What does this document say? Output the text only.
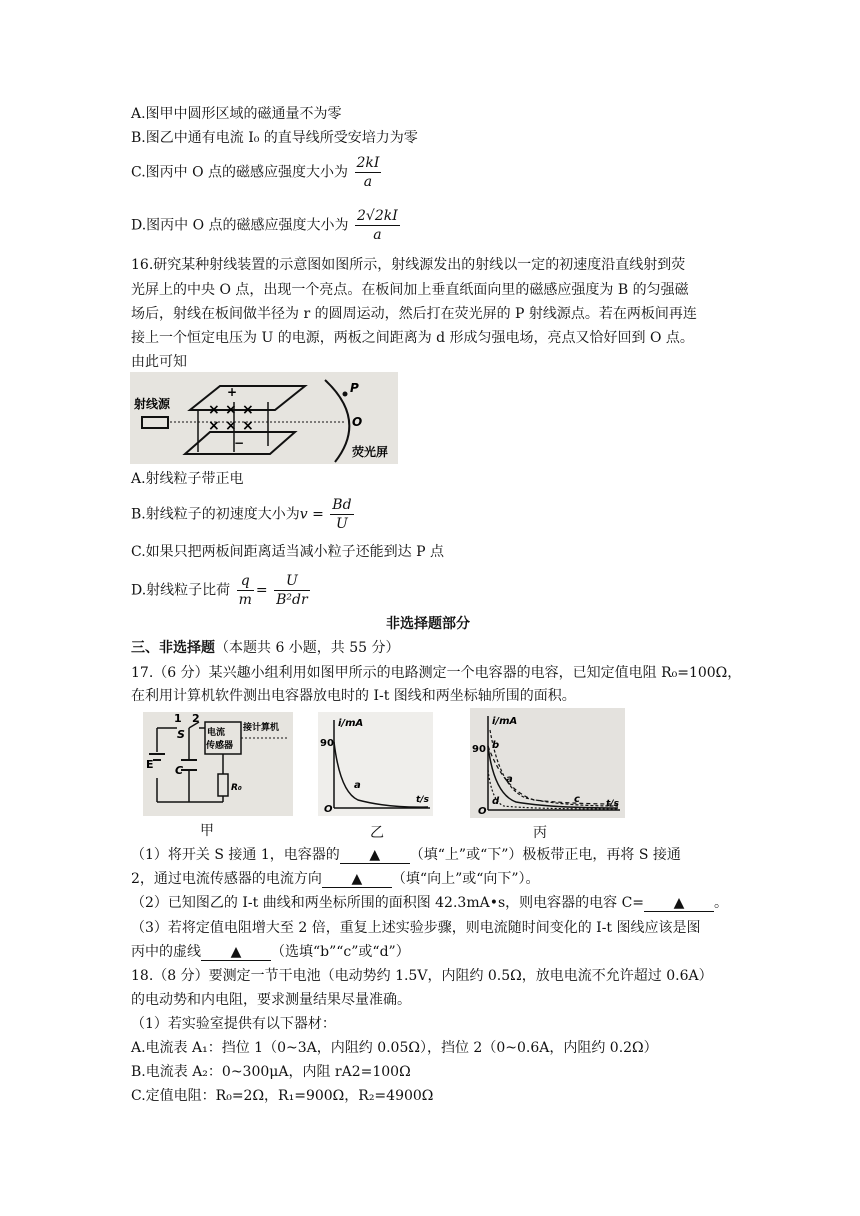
A.图甲中圆形区域的磁通量不为零
B.图乙中通有电流 I₀ 的直导线所受安培力为零
C.图丙中 O 点的磁感应强度大小为 $\frac{2kI}{a}$
D.图丙中 O 点的磁感应强度大小为 $\frac{2√2kI}{a}$
16.研究某种射线装置的示意图如图所示，射线源发出的射线以一定的初速度沿直线射到荧
光屏上的中央 O 点，出现一个亮点。在板间加上垂直纸面向里的磁感应强度为 B 的匀强磁
场后，射线在板间做半径为 r 的圆周运动，然后打在荧光屏的 P 射线源点。若在两板间再连
接上一个恒定电压为 U 的电源，两板之间距离为 d 形成匀强电场，亮点又恰好回到 O 点。
由此可知
射线源
+
−
× × ×
× × ×
P
O
荧光屏
A.射线粒子带正电
B.射线粒子的初速度大小为$v = \frac{Bd}{U}$
C.如果只把两板间距离适当减小粒子还能到达 P 点
D.射线粒子比荷 $\frac{q}{m} = \frac{U}{\text{B²dr}}$
非选择题部分
三、非选择题（本题共 6 小题，共 55 分）
17.（6 分）某兴趣小组利用如图甲所示的电路测定一个电容器的电容，已知定值电阻 R₀=100Ω，
在利用计算机软件测出电容器放电时的 I-t 图线和两坐标轴所围的面积。
1 2
S
E C
电流
传感器
接计算机
R₀
i/mA
90
O
t/s
a
i/mA
90
O
t/s
b
a
c
d
甲	乙	丙
（1）将开关 S 接通 1，电容器的 ▲ （填“上”或“下”）极板带正电，再将 S 接通
2，通过电流传感器的电流方向 ▲ （填“向上”或“向下”）。
（2）已知图乙的 I-t 曲线和两坐标所围的面积图 42.3mA•s，则电容器的电容 C= ▲ 。
（3）若将定值电阻增大至 2 倍，重复上述实验步骤，则电流随时间变化的 I-t 图线应该是图
丙中的虚线 ▲ （选填“b”“c”或“d”）
18.（8 分）要测定一节干电池（电动势约 1.5V，内阻约 0.5Ω，放电电流不允许超过 0.6A）
的电动势和内电阻，要求测量结果尽量准确。
（1）若实验室提供有以下器材：
A.电流表 A₁：挡位 1（0~3A，内阻约 0.05Ω），挡位 2（0~0.6A，内阻约 0.2Ω）
B.电流表 A₂：0~300μA，内阻 rA2=100Ω
C.定值电阻：R₀=2Ω，R₁=900Ω，R₂=4900Ω
